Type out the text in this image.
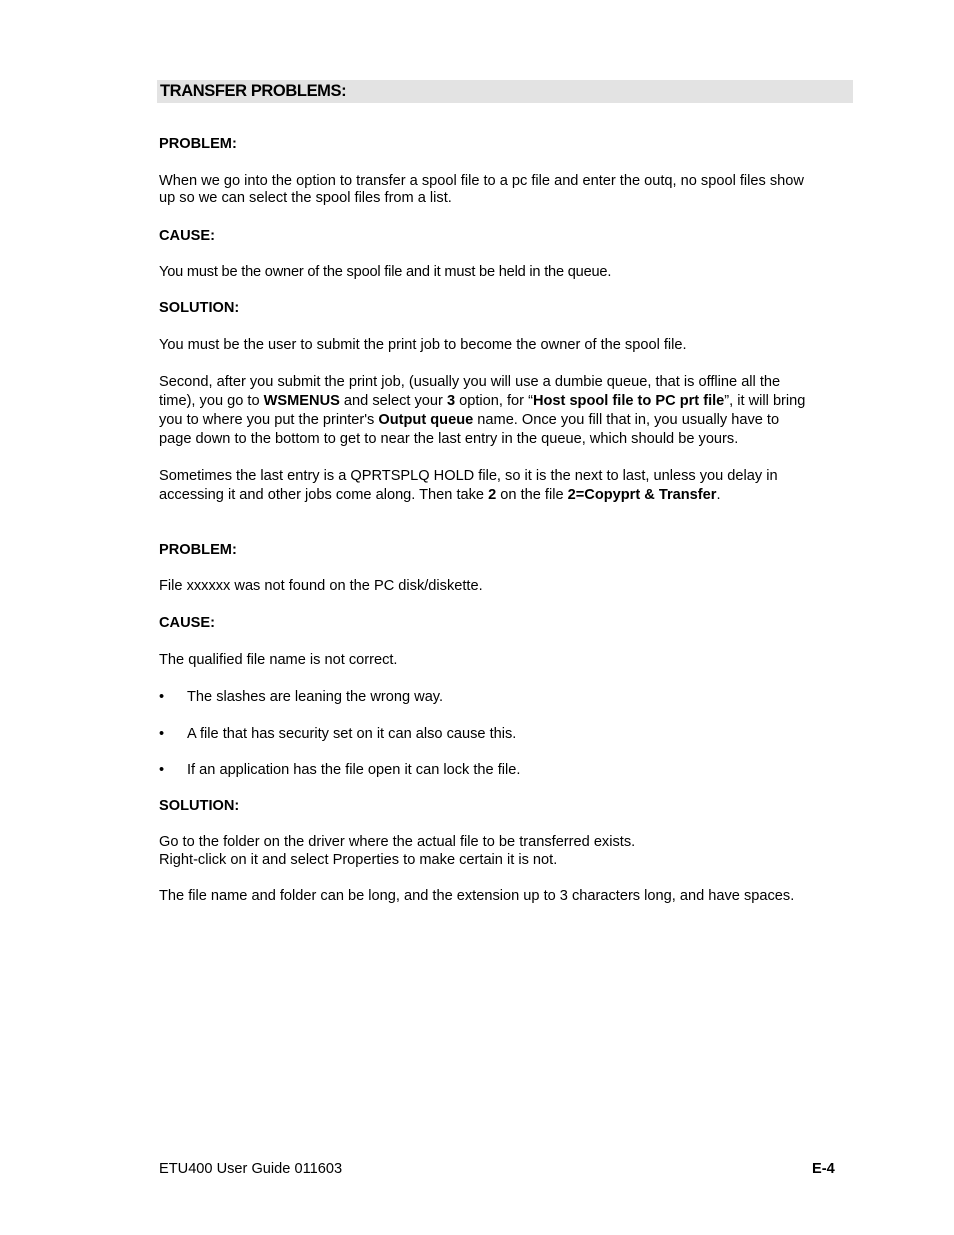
TRANSFER PROBLEMS:
PROBLEM:
When we go into the option to transfer a spool file to a pc file and enter the outq, no spool files show
up so we can select the spool files from a list.
CAUSE:
You must be the owner of the spool file and it must be held in the queue.
SOLUTION:
You must be the user to submit the print job to become the owner of the spool file.
Second, after you submit the print job, (usually you will use a dumbie queue, that is offline all the
time), you go to WSMENUS and select your 3 option, for “Host spool file to PC prt file”, it will bring
you to where you put the printer's Output queue name. Once you fill that in, you usually have to
page down to the bottom to get to near the last entry in the queue, which should be yours.
Sometimes the last entry is a QPRTSPLQ HOLD file, so it is the next to last, unless you delay in
accessing it and other jobs come along. Then take 2 on the file 2=Copyprt & Transfer.
PROBLEM:
File xxxxxx was not found on the PC disk/diskette.
CAUSE:
The qualified file name is not correct.
• The slashes are leaning the wrong way.
• A file that has security set on it can also cause this.
• If an application has the file open it can lock the file.
SOLUTION:
Go to the folder on the driver where the actual file to be transferred exists.
Right-click on it and select Properties to make certain it is not.
The file name and folder can be long, and the extension up to 3 characters long, and have spaces.
ETU400 User Guide 011603	E-4
